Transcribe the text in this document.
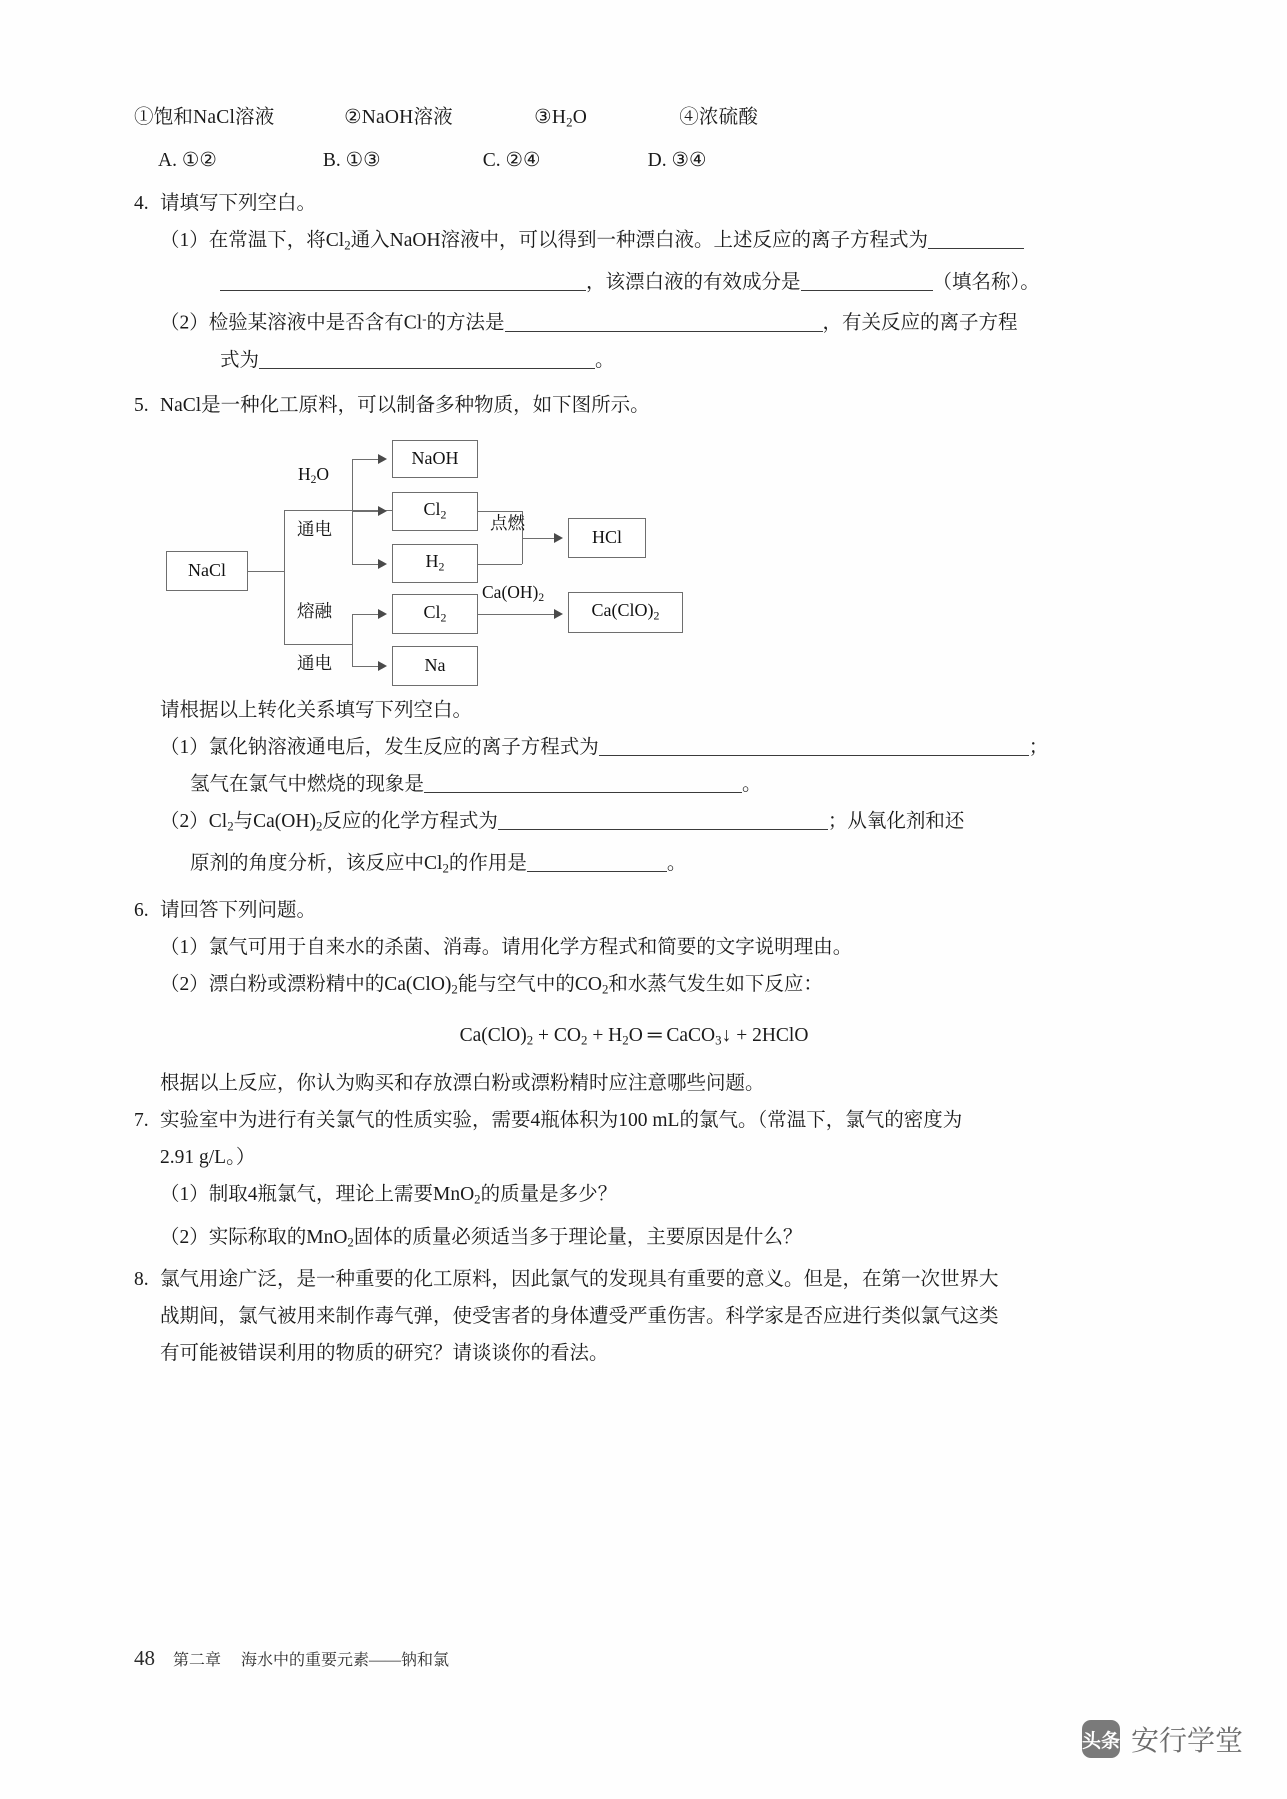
①饱和NaCl溶液	②NaOH溶液	$③H_2O$	④浓硫酸
A. ①②	B. ①③	C. ②④	D. ③④
4. 请填写下列空白。
（1）在常温下，将$Cl_2$通入NaOH溶液中，可以得到一种漂白液。上述反应的离子方程式为
，该漂白液的有效成分是	（填名称）。
（2）检验某溶液中是否含有Cl-的方法是	，有关反应的离子方程
式为	。
5. NaCl是一种化工原料，可以制备多种物质，如下图所示。
NaCl
NaOH
$Cl_2$
$H_2$
HCl
$Cl_2$	$Ca(ClO)_2$
Na
$H_2O$
通电	点燃
熔融
通电
$Ca(OH)_2$
请根据以上转化关系填写下列空白。
（1）氯化钠溶液通电后，发生反应的离子方程式为	；
氢气在氯气中燃烧的现象是	。
$(2)Cl_2$与$Ca(OH)_2$反应的化学方程式为	；从氧化剂和还
原剂的角度分析，该反应中$Cl_2$的作用是	。
6. 请回答下列问题。
（1）氯气可用于自来水的杀菌、消毒。请用化学方程式和简要的文字说明理由。
（2）漂白粉或漂粉精中的$Ca(ClO)_2$能与空气中的$CO_2$和水蒸气发生如下反应：
$Ca(ClO)_2 + CO_2 + H_2O$ ═ CaCO$_3$↓ + 2HClO
根据以上反应，你认为购买和存放漂白粉或漂粉精时应注意哪些问题。
7. 实验室中为进行有关氯气的性质实验，需要4瓶体积为100 mL的氯气。（常温下，氯气的密度为
2.91 g/L。）
（1）制取4瓶氯气，理论上需要MnO$_2$的质量是多少？
（2）实际称取的MnO$_2$固体的质量必须适当多于理论量，主要原因是什么？
8. 氯气用途广泛，是一种重要的化工原料，因此氯气的发现具有重要的意义。但是，在第一次世界大
战期间，氯气被用来制作毒气弹，使受害者的身体遭受严重伤害。科学家是否应进行类似氯气这类
有可能被错误利用的物质的研究？请谈谈你的看法。
48 第二章 海水中的重要元素——钠和氯
头条 安行学堂
